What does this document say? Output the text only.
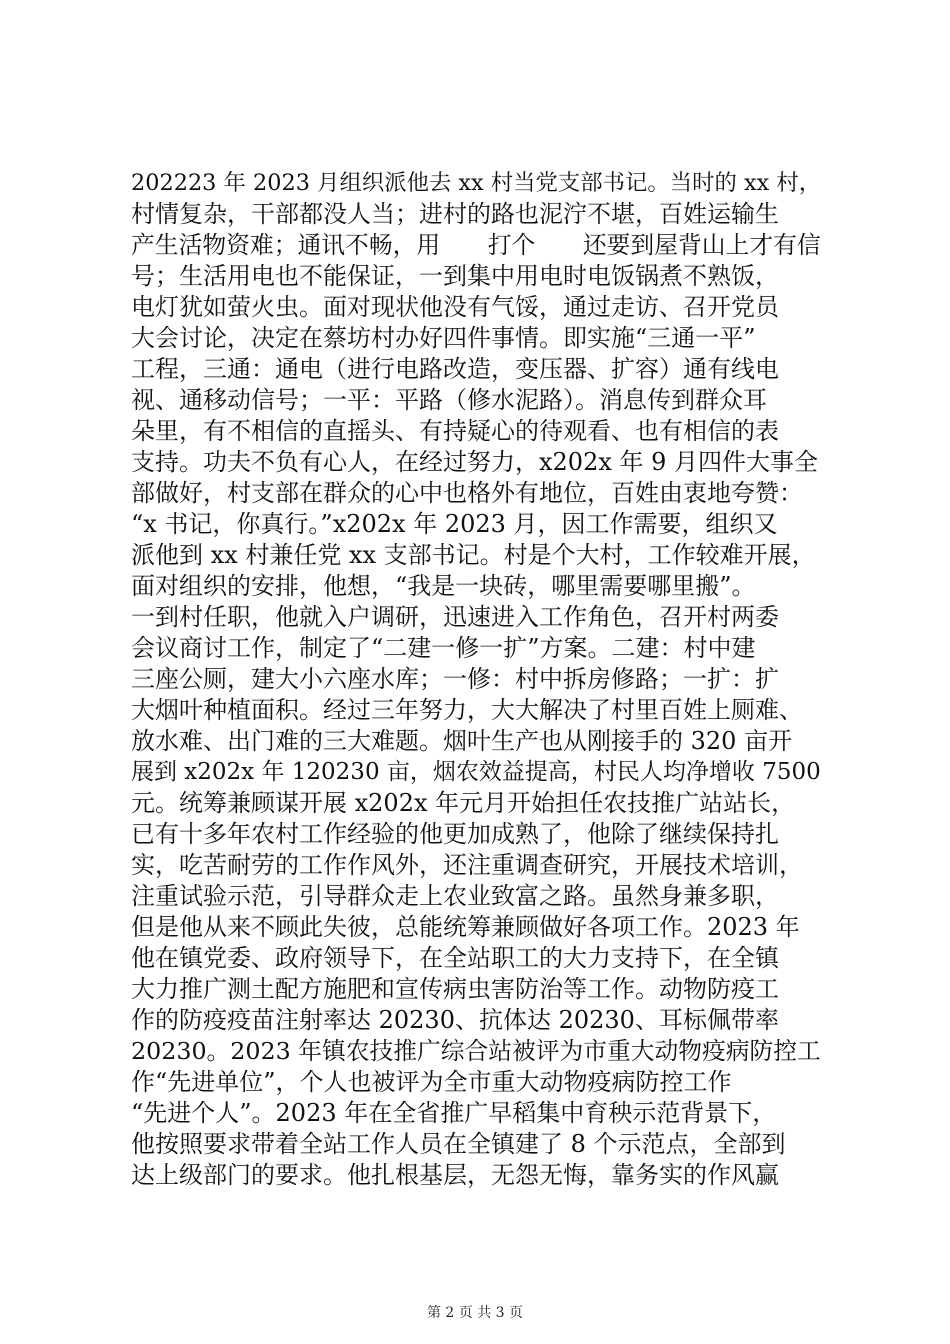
202223 年 2023 月组织派他去 xx 村当党支部书记。当时的 xx 村，
村情复杂，干部都没人当；进村的路也泥泞不堪，百姓运输生
产生活物资难；通讯不畅，用　　打个　　还要到屋背山上才有信
号；生活用电也不能保证，一到集中用电时电饭锅煮不熟饭，
电灯犹如萤火虫。面对现状他没有气馁，通过走访、召开党员
大会讨论，决定在蔡坊村办好四件事情。即实施“三通一平”
工程，三通：通电（进行电路改造，变压器、扩容）通有线电
视、通移动信号；一平：平路（修水泥路）。消息传到群众耳
朵里，有不相信的直摇头、有持疑心的待观看、也有相信的表
支持。功夫不负有心人，在经过努力，x202x 年 9 月四件大事全
部做好，村支部在群众的心中也格外有地位，百姓由衷地夸赞：
“x 书记，你真行。”x202x 年 2023 月，因工作需要，组织又
派他到 xx 村兼任党 xx 支部书记。村是个大村，工作较难开展，
面对组织的安排，他想，“我是一块砖，哪里需要哪里搬”。
一到村任职，他就入户调研，迅速进入工作角色，召开村两委
会议商讨工作，制定了“二建一修一扩”方案。二建：村中建
三座公厕，建大小六座水库；一修：村中拆房修路；一扩：扩
大烟叶种植面积。经过三年努力，大大解决了村里百姓上厕难、
放水难、出门难的三大难题。烟叶生产也从刚接手的 320 亩开
展到 x202x 年 120230 亩，烟农效益提高，村民人均净增收 7500
元。统筹兼顾谋开展 x202x 年元月开始担任农技推广站站长，
已有十多年农村工作经验的他更加成熟了，他除了继续保持扎
实，吃苦耐劳的工作作风外，还注重调查研究，开展技术培训，
注重试验示范，引导群众走上农业致富之路。虽然身兼多职，
但是他从来不顾此失彼，总能统筹兼顾做好各项工作。2023 年
他在镇党委、政府领导下，在全站职工的大力支持下，在全镇
大力推广测土配方施肥和宣传病虫害防治等工作。动物防疫工
作的防疫疫苗注射率达 20230、抗体达 20230、耳标佩带率
20230。2023 年镇农技推广综合站被评为市重大动物疫病防控工
作“先进单位”，个人也被评为全市重大动物疫病防控工作
“先进个人”。2023 年在全省推广早稻集中育秧示范背景下，
他按照要求带着全站工作人员在全镇建了 8 个示范点，全部到
达上级部门的要求。他扎根基层，无怨无悔，靠务实的作风赢
第 2 页 共 3 页
